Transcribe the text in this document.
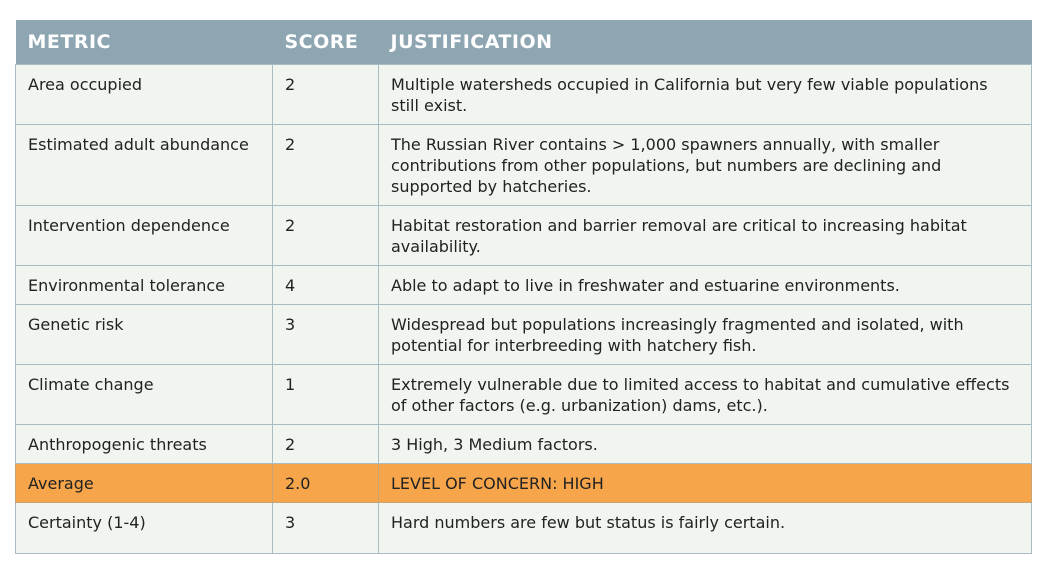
METRIC	SCORE	JUSTIFICATION
Area occupied	2	Multiple watersheds occupied in California but very few viable populations still exist.
Estimated adult abundance	2	The Russian River contains > 1,000 spawners annually, with smaller contributions from other populations, but numbers are declining and supported by hatcheries.
Intervention dependence	2	Habitat restoration and barrier removal are critical to increasing habitat availability.
Environmental tolerance	4	Able to adapt to live in freshwater and estuarine environments.
Genetic risk	3	Widespread but populations increasingly fragmented and isolated, with potential for interbreeding with hatchery fish.
Climate change	1	Extremely vulnerable due to limited access to habitat and cumulative effects of other factors (e.g. urbanization) dams, etc.).
Anthropogenic threats	2	3 High, 3 Medium factors.
Average	2.0	LEVEL OF CONCERN: HIGH
Certainty (1-4)	3	Hard numbers are few but status is fairly certain.
